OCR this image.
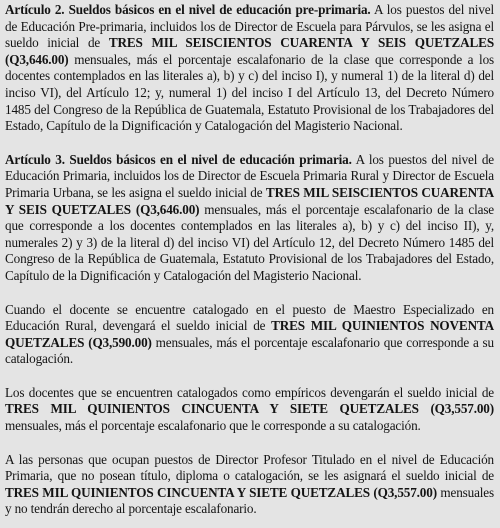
Artículo 2. Sueldos básicos en el nivel de educación pre-primaria. A los puestos del nivel de Educación Pre-primaria, incluidos los de Director de Escuela para Párvulos, se les asigna el sueldo inicial de TRES MIL SEISCIENTOS CUARENTA Y SEIS QUETZALES (Q3,646.00) mensuales, más el porcentaje escalafonario de la clase que corresponde a los docentes contemplados en las literales a), b) y c) del inciso I), y numeral 1) de la literal d) del inciso VI), del Artículo 12; y, numeral 1) del inciso I del Artículo 13, del Decreto Número 1485 del Congreso de la República de Guatemala, Estatuto Provisional de los Trabajadores del Estado, Capítulo de la Dignificación y Catalogación del Magisterio Nacional.

Artículo 3. Sueldos básicos en el nivel de educación primaria. A los puestos del nivel de Educación Primaria, incluidos los de Director de Escuela Primaria Rural y Director de Escuela Primaria Urbana, se les asigna el sueldo inicial de TRES MIL SEISCIENTOS CUARENTA Y SEIS QUETZALES (Q3,646.00) mensuales, más el porcentaje escalafonario de la clase que corresponde a los docentes contemplados en las literales a), b) y c) del inciso II), y, numerales 2) y 3) de la literal d) del inciso VI) del Artículo 12, del Decreto Número 1485 del Congreso de la República de Guatemala, Estatuto Provisional de los Trabajadores del Estado, Capítulo de la Dignificación y Catalogación del Magisterio Nacional.

Cuando el docente se encuentre catalogado en el puesto de Maestro Especializado en Educación Rural, devengará el sueldo inicial de TRES MIL QUINIENTOS NOVENTA QUETZALES (Q3,590.00) mensuales, más el porcentaje escalafonario que corresponde a su catalogación.

Los docentes que se encuentren catalogados como empíricos devengarán el sueldo inicial de TRES MIL QUINIENTOS CINCUENTA Y SIETE QUETZALES (Q3,557.00) mensuales, más el porcentaje escalafonario que le corresponde a su catalogación.

A las personas que ocupan puestos de Director Profesor Titulado en el nivel de Educación Primaria, que no posean título, diploma o catalogación, se les asignará el sueldo inicial de TRES MIL QUINIENTOS CINCUENTA Y SIETE QUETZALES (Q3,557.00) mensuales y no tendrán derecho al porcentaje escalafonario.
